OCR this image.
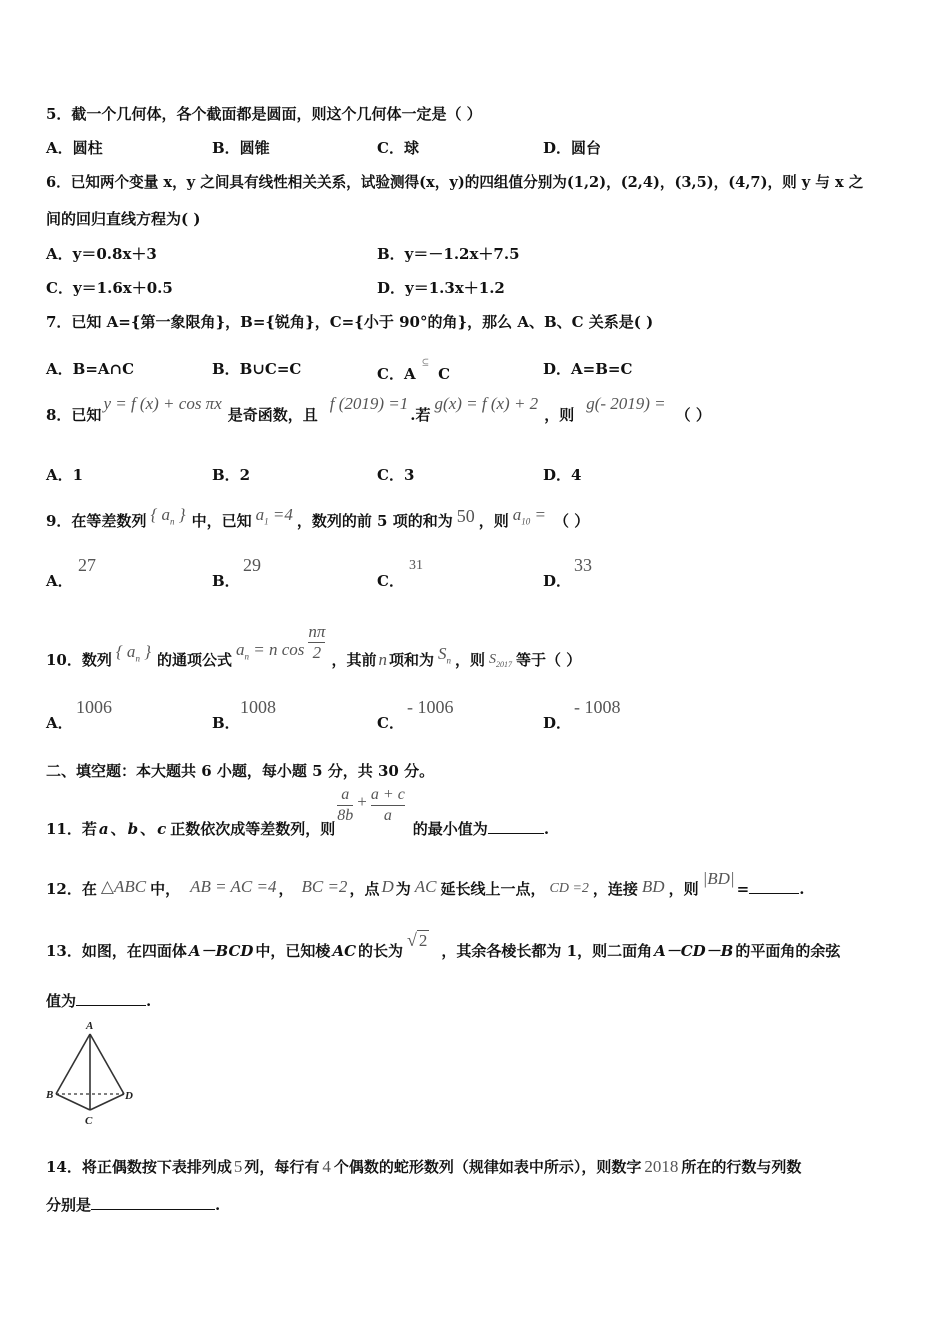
5．截一个几何体，各个截面都是圆面，则这个几何体一定是（ ）
A．圆柱	B．圆锥	C．球	D．圆台
6．已知两个变量 x，y 之间具有线性相关关系，试验测得(x，y)的四组值分别为(1,2)，(2,4)，(3,5)，(4,7)，则 y 与 x 之
间的回归直线方程为( )
A．y＝0.8x＋3	B．y＝－1.2x＋7.5
C．y＝1.6x＋0.5	D．y＝1.3x＋1.2
7．已知 A={第一象限角}，B={锐角}，C={小于 90°的角}，那么 A、B、C 关系是( )
A．B=A∩C	B．B∪C=C	C．A⊆C	D．A=B=C
8．已知y = f (x) + cos πx是奇函数，且f (2019) =1.若g(x) = f (x) + 2，则g(- 2019) =（ ）
A．1	B．2	C．3	D．4
9．在等差数列 { $a_n$ } 中，已知 $a_1 =4$ ，数列的前 5 项的和为 50 ，则 $a_{10}$ = （ ）
A．
27
B．
29
C．
31
D．
33
10．数列 { $a_n$ } 的通项公式$a_n = n$ $\cos \frac{n\pi}{2}$ ，其前 n 项和为 $S_n$ ，则 $S_{2017}$ 等于（ ）
A．
1006
B．
1008
C．
- 1006
D．
- 1008
二、填空题：本大题共 6 小题，每小题 5 分，共 30 分。
11．若 a 、 b 、 c 正数依次成等差数列，则
$\frac{a}{8b} + \frac{a + c}{a}$
的最小值为	.
12．在 △ABC 中， AB = AC =4 ， BC =2 ，点 D 为 AC 延长线上一点， CD =2 ，连接 BD ，则|BD|=	.
13．如图，在四面体 A－BCD 中，已知棱 AC 的长为√ 2，其余各棱长都为 1，则二面角 A－CD－B 的平面角的余弦
值为	.
A
B
C
D
14．将正偶数按下表排列成 5 列，每行有 4 个偶数的蛇形数列（规律如表中所示），则数字 2018 所在的行数与列数
分别是	.
